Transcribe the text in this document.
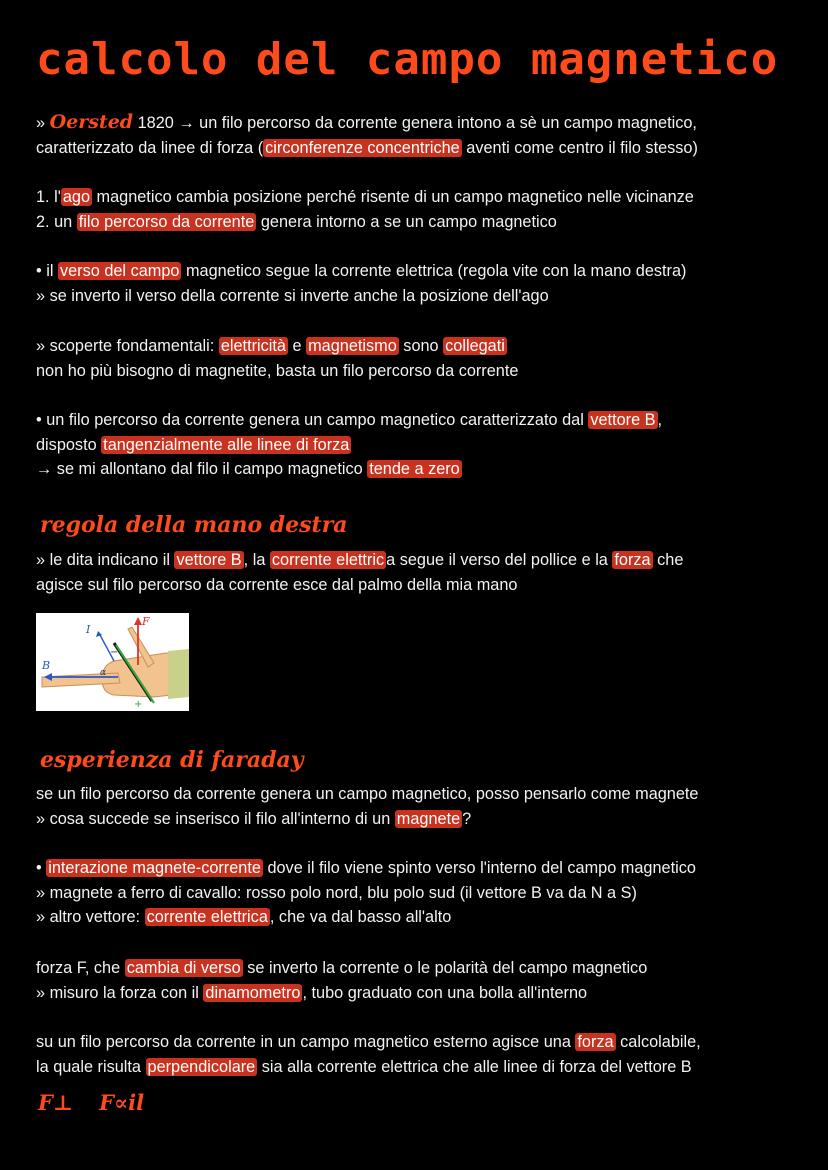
calcolo del campo magnetico
» Oersted 1820 → un filo percorso da corrente genera intono a sè un campo magnetico,
caratterizzato da linee di forza ( circonferenze concentriche aventi come centro il filo stesso)
1. l' ago magnetico cambia posizione perché risente di un campo magnetico nelle vicinanze
2. un filo percorso da corrente genera intorno a se un campo magnetico
• il verso del campo magnetico segue la corrente elettrica (regola vite con la mano destra)
» se inverto il verso della corrente si inverte anche la posizione dell'ago
» scoperte fondamentali: elettricità e magnetismo sono collegati
non ho più bisogno di magnetite, basta un filo percorso da corrente
• un filo percorso da corrente genera un campo magnetico caratterizzato dal vettore B ,
disposto tangenzialmente alle linee di forza
→ se mi allontano dal filo il campo magnetico tende a zero
regola della mano destra
» le dita indicano il vettore B , la corrente elettric a segue il verso del pollice e la forza che
agisce sul filo percorso da corrente esce dal palmo della mia mano
I
F
B
α
−
+
esperienza di faraday
se un filo percorso da corrente genera un campo magnetico, posso pensarlo come magnete
» cosa succede se inserisco il filo all'interno di un magnete ?
• interazione magnete-corrente dove il filo viene spinto verso l'interno del campo magnetico
» magnete a ferro di cavallo: rosso polo nord, blu polo sud (il vettore B va da N a S)
» altro vettore: corrente elettrica , che va dal basso all'alto
forza F, che cambia di verso se inverto la corrente o le polarità del campo magnetico
» misuro la forza con il dinamometro , tubo graduato con una bolla all'interno
su un filo percorso da corrente in un campo magnetico esterno agisce una forza calcolabile,
la quale risulta perpendicolare sia alla corrente elettrica che alle linee di forza del vettore B

F⊥ F∝il
